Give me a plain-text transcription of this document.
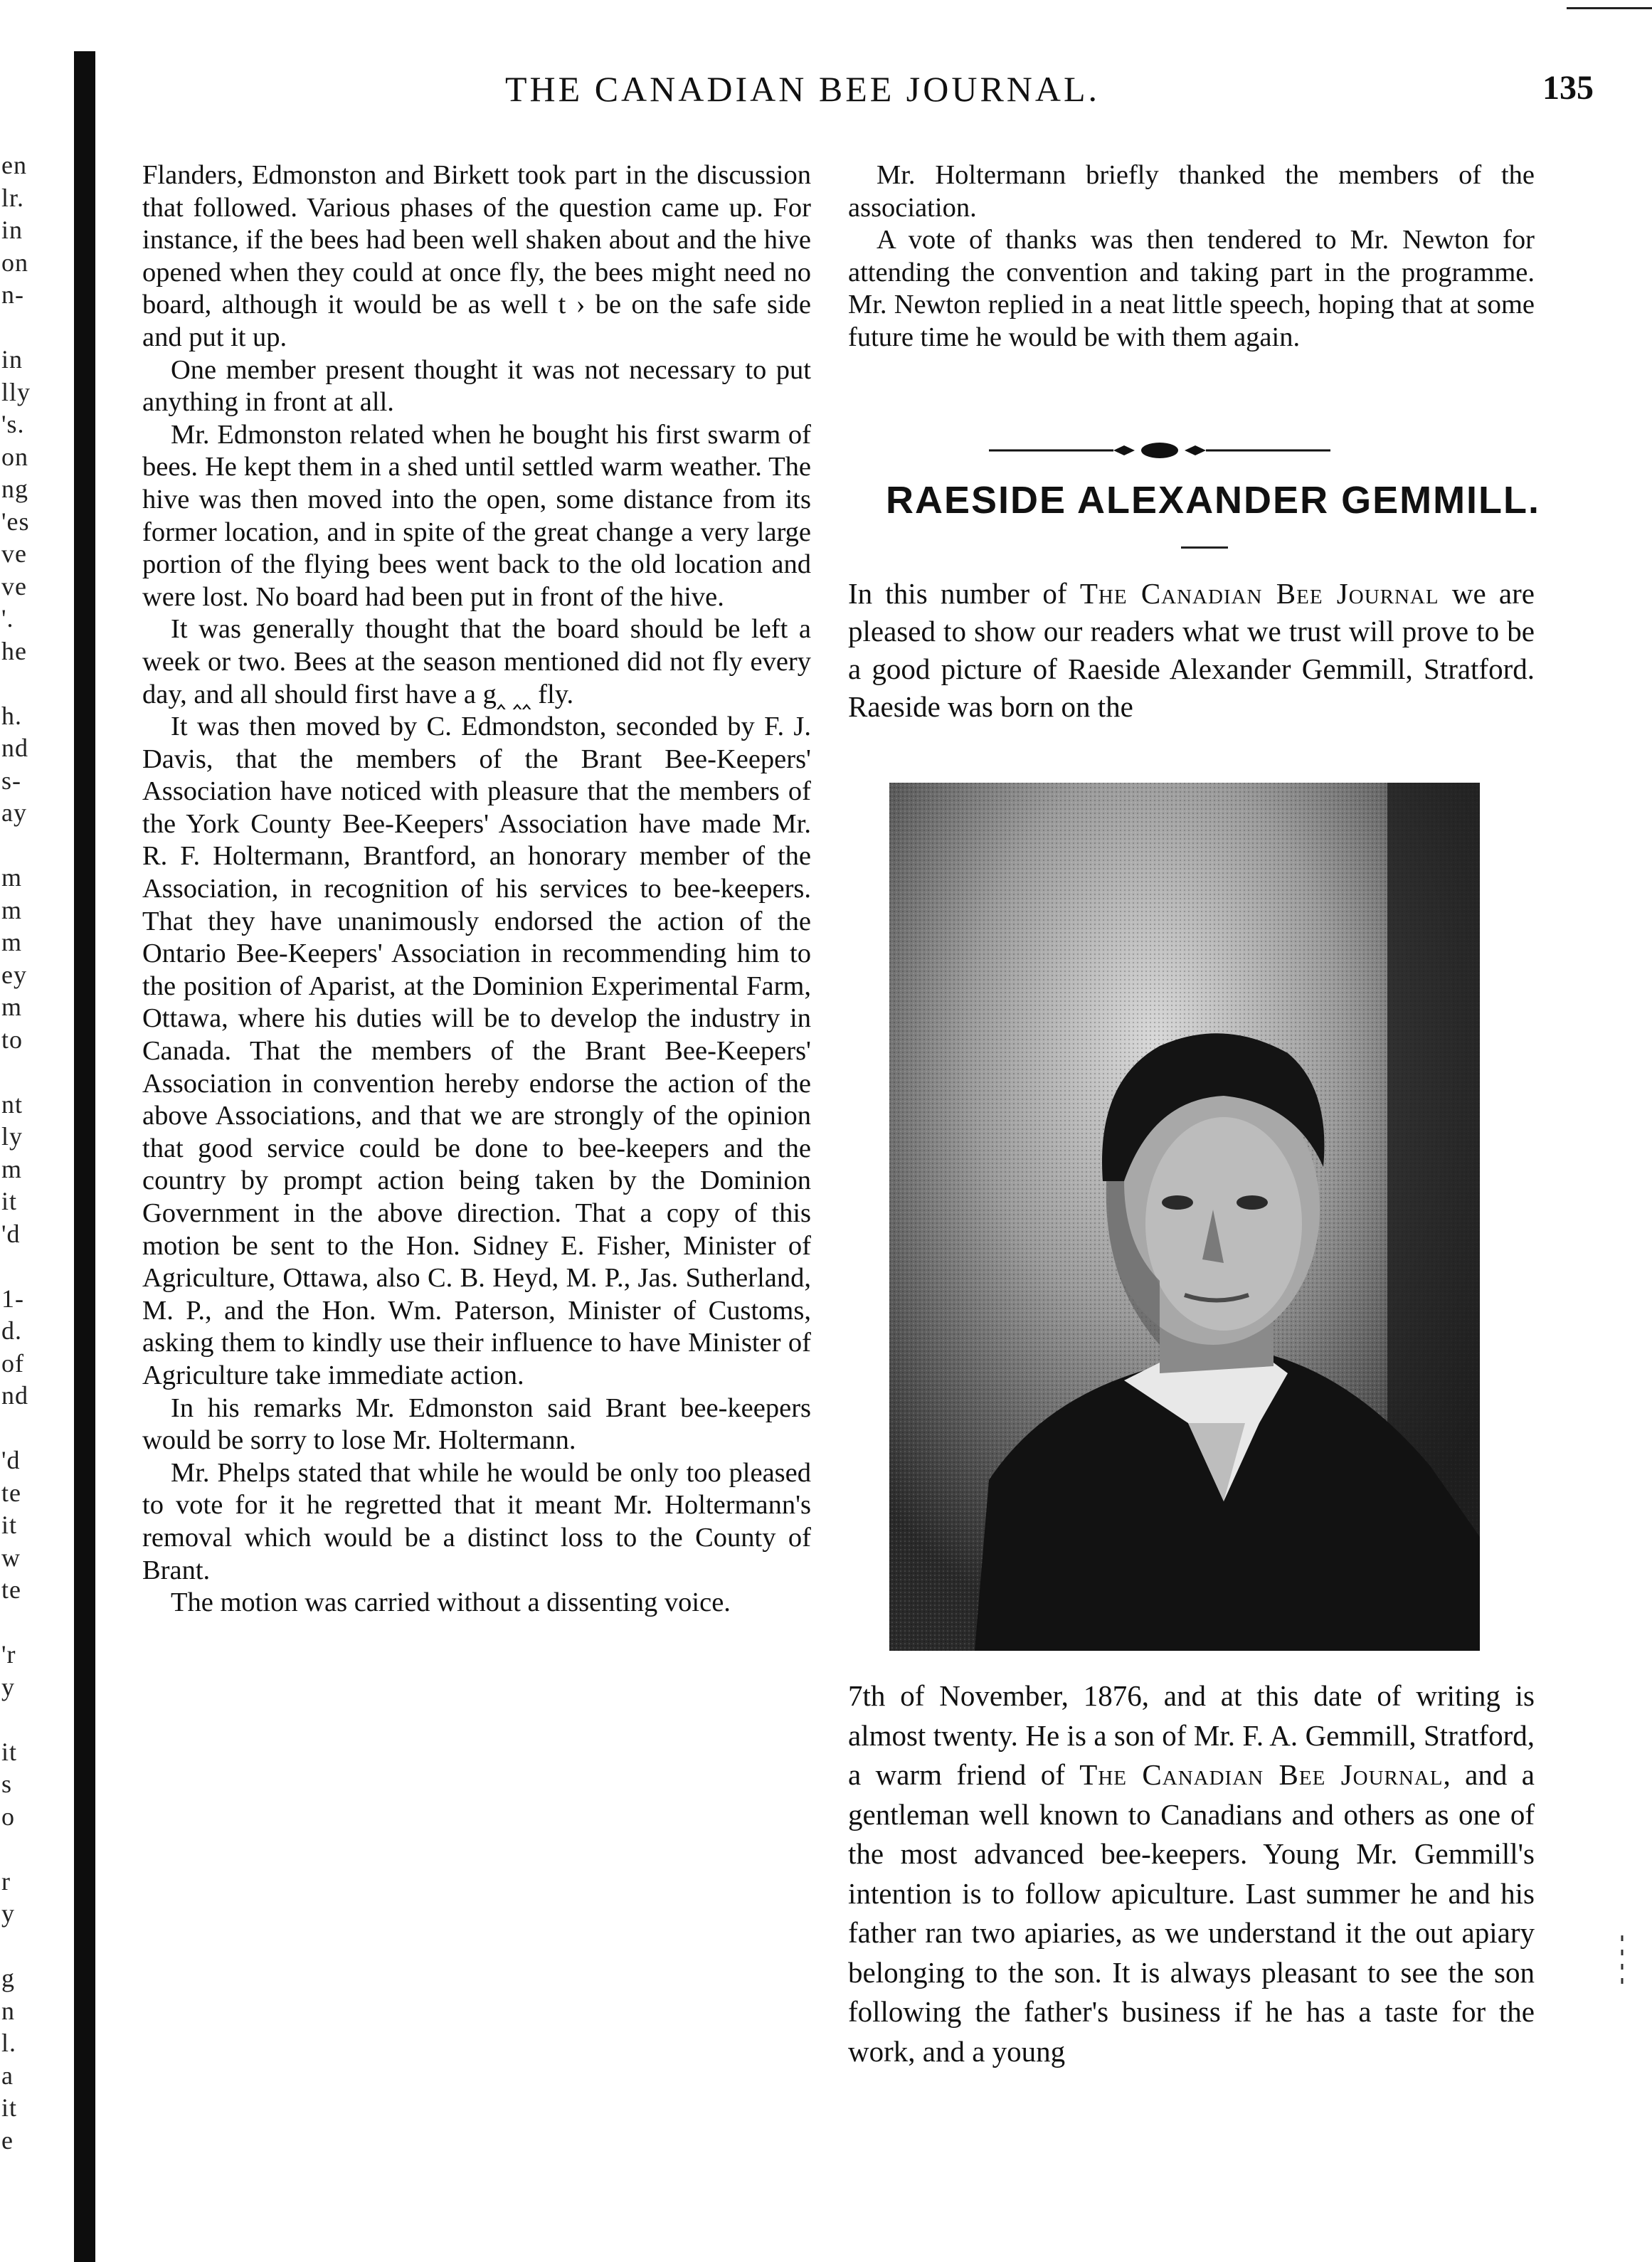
en
lr.
in
on
n-

in
lly
's.
on
ng
'es
ve
ve
'.
he

h.
nd
s-
ay

m
m
m
ey
m
to

nt
ly
m
it
'd

1-
d.
of
nd

'd
te
it
w
te

'r
y

it
s
o

r
y

g
n
l.
a
it
e

THE CANADIAN BEE JOURNAL.	135

Flanders, Edmonston and Birkett took part in the discussion that followed. Various phases of the question came up. For instance, if the bees had been well shaken about and the hive opened when they could at once fly, the bees might need no board, although it would be as well t › be on the safe side and put it up.

One member present thought it was not necessary to put anything in front at all.

Mr. Edmonston related when he bought his first swarm of bees. He kept them in a shed until settled warm weather. The hive was then moved into the open, some distance from its former location, and in spite of the great change a very large portion of the flying bees went back to the old location and were lost. No board had been put in front of the hive.

It was generally thought that the board should be left a week or two. Bees at the season mentioned did not fly every day, and all should first have a g‸ ‸‸ fly.

It was then moved by C. Edmondston, seconded by F. J. Davis, that the members of the Brant Bee-Keepers' Association have noticed with pleasure that the members of the York County Bee-Keepers' Association have made Mr. R. F. Holtermann, Brantford, an honorary member of the Association, in recognition of his services to bee-keepers. That they have unanimously endorsed the action of the Ontario Bee-Keepers' Association in recommending him to the position of Aparist, at the Dominion Experimental Farm, Ottawa, where his duties will be to develop the industry in Canada. That the members of the Brant Bee-Keepers' Association in convention hereby endorse the action of the above Associations, and that we are strongly of the opinion that good service could be done to bee-keepers and the country by prompt action being taken by the Dominion Government in the above direction. That a copy of this motion be sent to the Hon. Sidney E. Fisher, Minister of Agriculture, Ottawa, also C. B. Heyd, M. P., Jas. Sutherland, M. P., and the Hon. Wm. Paterson, Minister of Customs, asking them to kindly use their influence to have Minister of Agriculture take immediate action.

In his remarks Mr. Edmonston said Brant bee-keepers would be sorry to lose Mr. Holtermann.

Mr. Phelps stated that while he would be only too pleased to vote for it he regretted that it meant Mr. Holtermann's removal which would be a distinct loss to the County of Brant.

The motion was carried without a dissenting voice.

Mr. Holtermann briefly thanked the members of the association.

A vote of thanks was then tendered to Mr. Newton for attending the convention and taking part in the programme. Mr. Newton replied in a neat little speech, hoping that at some future time he would be with them again.

RAESIDE ALEXANDER GEMMILL.
In this number of The Canadian Bee Journal we are pleased to show our readers what we trust will prove to be a good picture of Raeside Alexander Gemmill, Stratford. Raeside was born on the
7th of November, 1876, and at this date of writing is almost twenty. He is a son of Mr. F. A. Gemmill, Stratford, a warm friend of The Canadian Bee Journal, and a gentleman well known to Canadians and others as one of the most advanced bee-keepers. Young Mr. Gemmill's intention is to follow apiculture. Last summer he and his father ran two apiaries, as we understand it the out apiary belonging to the son. It is always pleasant to see the son following the father's business if he has a taste for the work, and a young
